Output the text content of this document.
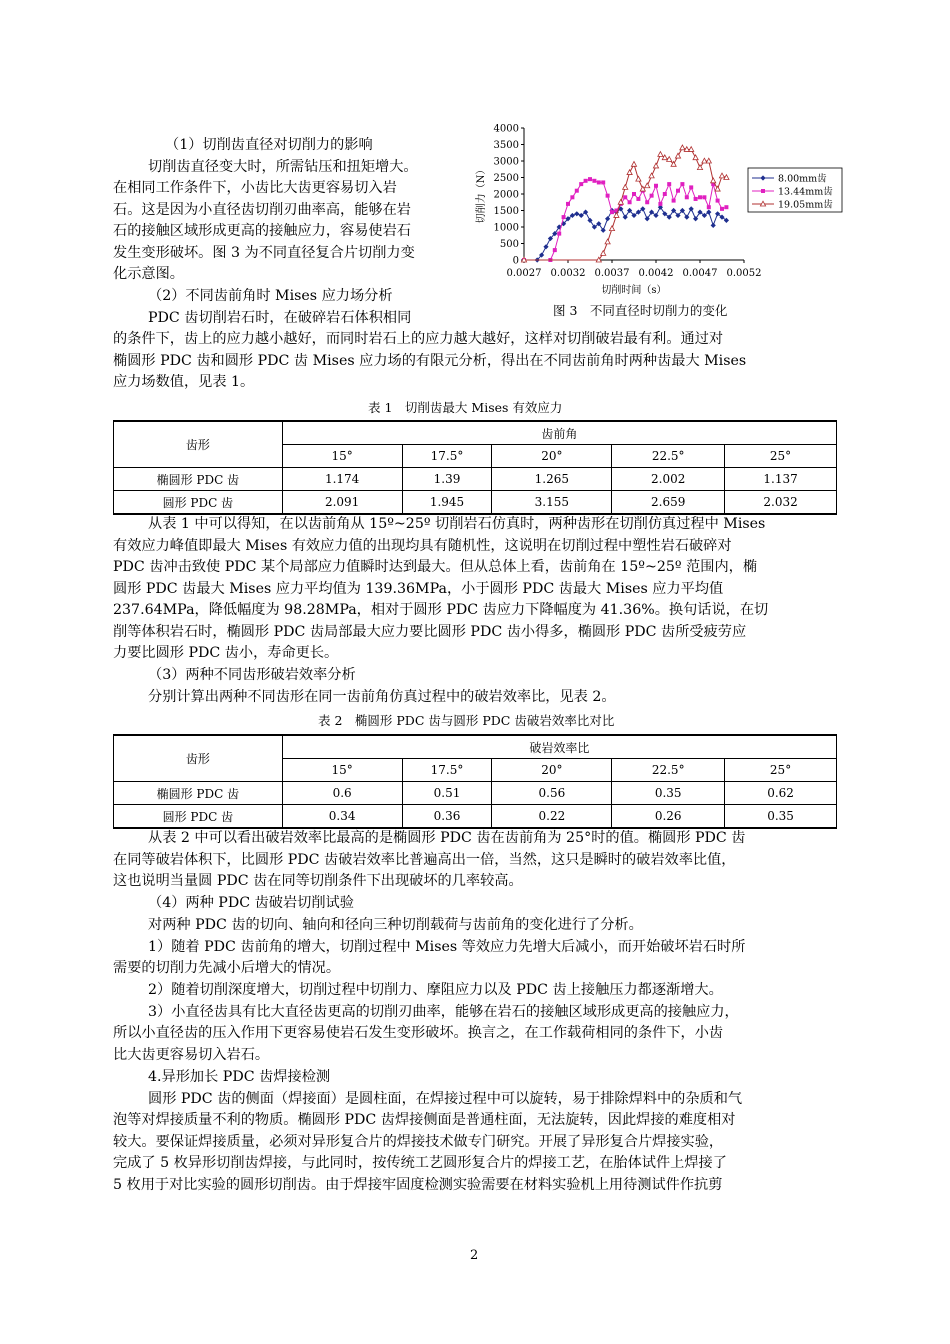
（1）切削齿直径对切削力的影响
切削齿直径变大时，所需钻压和扭矩增大。
在相同工作条件下，小齿比大齿更容易切入岩
石。这是因为小直径齿切削刃曲率高，能够在岩
石的接触区域形成更高的接触应力，容易使岩石
发生变形破坏。图 3 为不同直径复合片切削力变
化示意图。
（2）不同齿前角时 Mises 应力场分析
PDC 齿切削岩石时，在破碎岩石体积相同
的条件下，齿上的应力越小越好，而同时岩石上的应力越大越好，这样对切削破岩最有利。通过对
椭圆形 PDC 齿和圆形 PDC 齿 Mises 应力场的有限元分析，得出在不同齿前角时两种齿最大 Mises
应力场数值，见表 1。
0
500
1000
1500
2000
2500
3000
3500
4000
0.0027 0.0032 0.0037 0.0042 0.0047 0.0052
切削时间（s）
切削力（N）	8.00mm齿
13.44mm齿
19.05mm齿
图 3　不同直径时切削力的变化
表 1　切削齿最大 Mises 有效应力
齿形	齿前角				
	15°	17.5°	20°	22.5°	25°
椭圆形 PDC 齿	1.174	1.39	1.265	2.002	1.137
圆形 PDC 齿	2.091	1.945	3.155	2.659	2.032
从表 1 中可以得知，在以齿前角从 15º~25º 切削岩石仿真时，两种齿形在切削仿真过程中 Mises
有效应力峰值即最大 Mises 有效应力值的出现均具有随机性，这说明在切削过程中塑性岩石破碎对
PDC 齿冲击致使 PDC 某个局部应力值瞬时达到最大。但从总体上看，齿前角在 15º~25º 范围内，椭
圆形 PDC 齿最大 Mises 应力平均值为 139.36MPa，小于圆形 PDC 齿最大 Mises 应力平均值
237.64MPa，降低幅度为 98.28MPa，相对于圆形 PDC 齿应力下降幅度为 41.36%。换句话说，在切
削等体积岩石时，椭圆形 PDC 齿局部最大应力要比圆形 PDC 齿小得多，椭圆形 PDC 齿所受疲劳应
力要比圆形 PDC 齿小，寿命更长。
（3）两种不同齿形破岩效率分析
分别计算出两种不同齿形在同一齿前角仿真过程中的破岩效率比，见表 2。
表 2　椭圆形 PDC 齿与圆形 PDC 齿破岩效率比对比
齿形	破岩效率比				
	15°	17.5°	20°	22.5°	25°
椭圆形 PDC 齿	0.6	0.51	0.56	0.35	0.62
圆形 PDC 齿	0.34	0.36	0.22	0.26	0.35
从表 2 中可以看出破岩效率比最高的是椭圆形 PDC 齿在齿前角为 25°时的值。椭圆形 PDC 齿
在同等破岩体积下，比圆形 PDC 齿破岩效率比普遍高出一倍，当然，这只是瞬时的破岩效率比值，
这也说明当量圆 PDC 齿在同等切削条件下出现破坏的几率较高。
（4）两种 PDC 齿破岩切削试验
对两种 PDC 齿的切向、轴向和径向三种切削载荷与齿前角的变化进行了分析。
1）随着 PDC 齿前角的增大，切削过程中 Mises 等效应力先增大后减小，而开始破坏岩石时所
需要的切削力先减小后增大的情况。
2）随着切削深度增大，切削过程中切削力、摩阻应力以及 PDC 齿上接触压力都逐渐增大。
3）小直径齿具有比大直径齿更高的切削刃曲率，能够在岩石的接触区域形成更高的接触应力，
所以小直径齿的压入作用下更容易使岩石发生变形破坏。换言之，在工作载荷相同的条件下，小齿
比大齿更容易切入岩石。
4.异形加长 PDC 齿焊接检测
圆形 PDC 齿的侧面（焊接面）是圆柱面，在焊接过程中可以旋转，易于排除焊料中的杂质和气
泡等对焊接质量不利的物质。椭圆形 PDC 齿焊接侧面是普通柱面，无法旋转，因此焊接的难度相对
较大。要保证焊接质量，必须对异形复合片的焊接技术做专门研究。开展了异形复合片焊接实验，
完成了 5 枚异形切削齿焊接，与此同时，按传统工艺圆形复合片的焊接工艺，在胎体试件上焊接了
5 枚用于对比实验的圆形切削齿。由于焊接牢固度检测实验需要在材料实验机上用待测试件作抗剪
2
